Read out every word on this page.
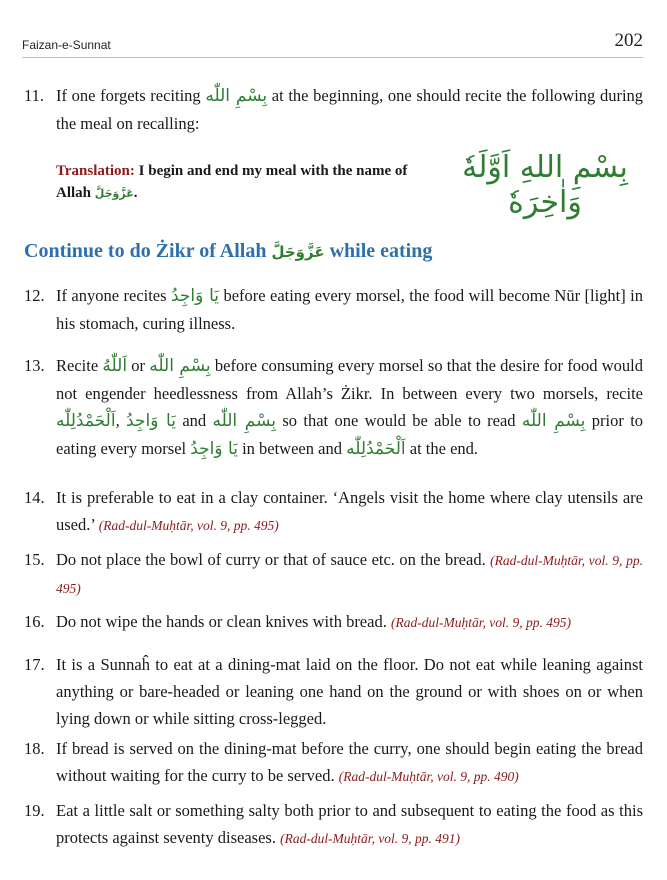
Faizan-e-Sunnat	202
11. If one forgets reciting بِسْمِ اللّٰه at the beginning, one should recite the following during the meal on recalling:
Translation: I begin and end my meal with the name of Allah عَزَّوَجَلَّ.
بِسْمِ اللهِ اَوَّلَهٗ وَاٰخِرَهٗ
Continue to do Żikr of Allah عَزَّوَجَلَّ while eating
12. If anyone recites يَا وَاجِدُ before eating every morsel, the food will become Nūr [light] in his stomach, curing illness.
13. Recite اَللّٰهُ or بِسْمِ اللّٰه before consuming every morsel so that the desire for food would not engender heedlessness from Allah’s Żikr. In between every two morsels, recite اَلْحَمْدُلِلّٰه, يَا وَاجِدُ and بِسْمِ اللّٰه so that one would be able to read بِسْمِ اللّٰه prior to eating every morsel يَا وَاجِدُ in between and اَلْحَمْدُلِلّٰه at the end.
14. It is preferable to eat in a clay container. ‘Angels visit the home where clay utensils are used.’ (Rad-dul-Muḥtār, vol. 9, pp. 495)
15. Do not place the bowl of curry or that of sauce etc. on the bread. (Rad-dul-Muḥtār, vol. 9, pp. 495)
16. Do not wipe the hands or clean knives with bread. (Rad-dul-Muḥtār, vol. 9, pp. 495)
17. It is a Sunnaĥ to eat at a dining-mat laid on the floor. Do not eat while leaning against anything or bare-headed or leaning one hand on the ground or with shoes on or when lying down or while sitting cross-legged.
18. If bread is served on the dining-mat before the curry, one should begin eating the bread without waiting for the curry to be served. (Rad-dul-Muḥtār, vol. 9, pp. 490)
19. Eat a little salt or something salty both prior to and subsequent to eating the food as this protects against seventy diseases. (Rad-dul-Muḥtār, vol. 9, pp. 491)
